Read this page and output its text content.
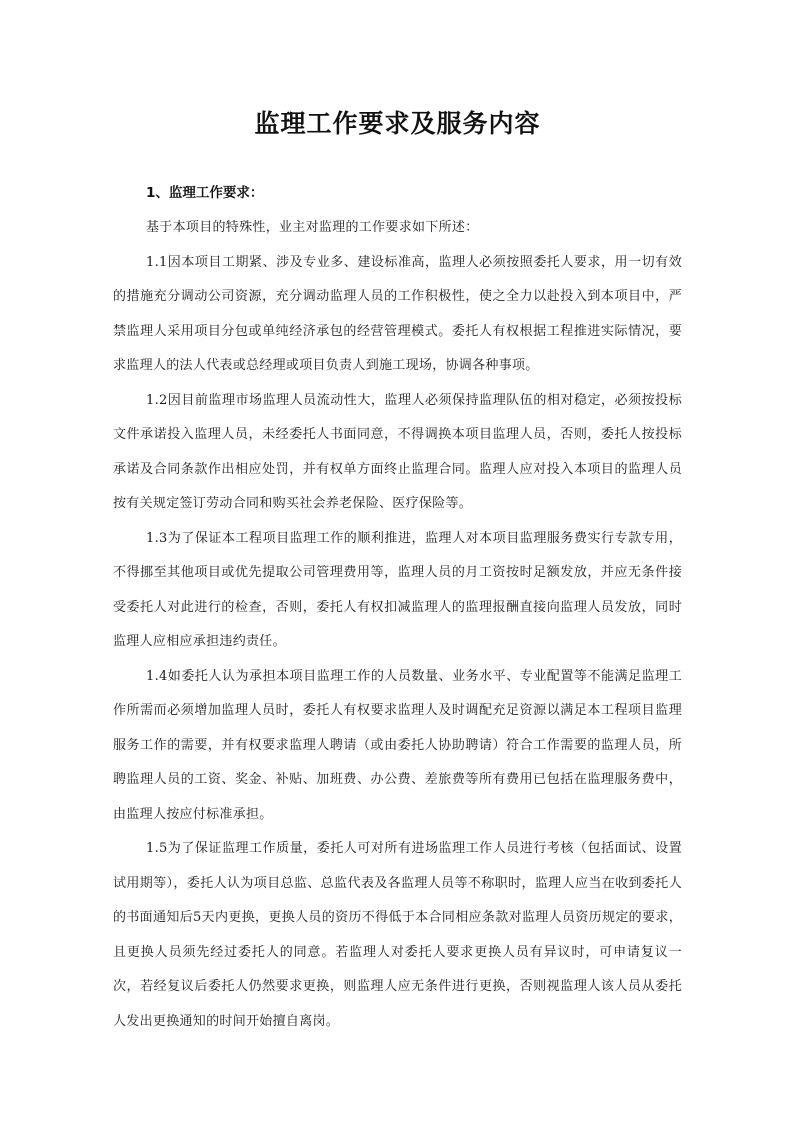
监理工作要求及服务内容

1、监理工作要求：

基于本项目的特殊性，业主对监理的工作要求如下所述：

1.1因本项目工期紧、涉及专业多、建设标准高，监理人必须按照委托人要求，用一切有效的措施充分调动公司资源，充分调动监理人员的工作积极性，使之全力以赴投入到本项目中，严禁监理人采用项目分包或单纯经济承包的经营管理模式。委托人有权根据工程推进实际情况，要求监理人的法人代表或总经理或项目负责人到施工现场，协调各种事项。

1.2因目前监理市场监理人员流动性大，监理人必须保持监理队伍的相对稳定，必须按投标文件承诺投入监理人员，未经委托人书面同意，不得调换本项目监理人员，否则，委托人按投标承诺及合同条款作出相应处罚，并有权单方面终止监理合同。监理人应对投入本项目的监理人员按有关规定签订劳动合同和购买社会养老保险、医疗保险等。

1.3为了保证本工程项目监理工作的顺利推进，监理人对本项目监理服务费实行专款专用，不得挪至其他项目或优先提取公司管理费用等，监理人员的月工资按时足额发放，并应无条件接受委托人对此进行的检查，否则，委托人有权扣减监理人的监理报酬直接向监理人员发放，同时监理人应相应承担违约责任。

1.4如委托人认为承担本项目监理工作的人员数量、业务水平、专业配置等不能满足监理工作所需而必须增加监理人员时，委托人有权要求监理人及时调配充足资源以满足本工程项目监理服务工作的需要，并有权要求监理人聘请（或由委托人协助聘请）符合工作需要的监理人员，所聘监理人员的工资、奖金、补贴、加班费、办公费、差旅费等所有费用已包括在监理服务费中，由监理人按应付标准承担。

1.5为了保证监理工作质量，委托人可对所有进场监理工作人员进行考核（包括面试、设置试用期等），委托人认为项目总监、总监代表及各监理人员等不称职时，监理人应当在收到委托人的书面通知后5天内更换，更换人员的资历不得低于本合同相应条款对监理人员资历规定的要求，且更换人员须先经过委托人的同意。若监理人对委托人要求更换人员有异议时，可申请复议一次，若经复议后委托人仍然要求更换，则监理人应无条件进行更换，否则视监理人该人员从委托人发出更换通知的时间开始擅自离岗。
